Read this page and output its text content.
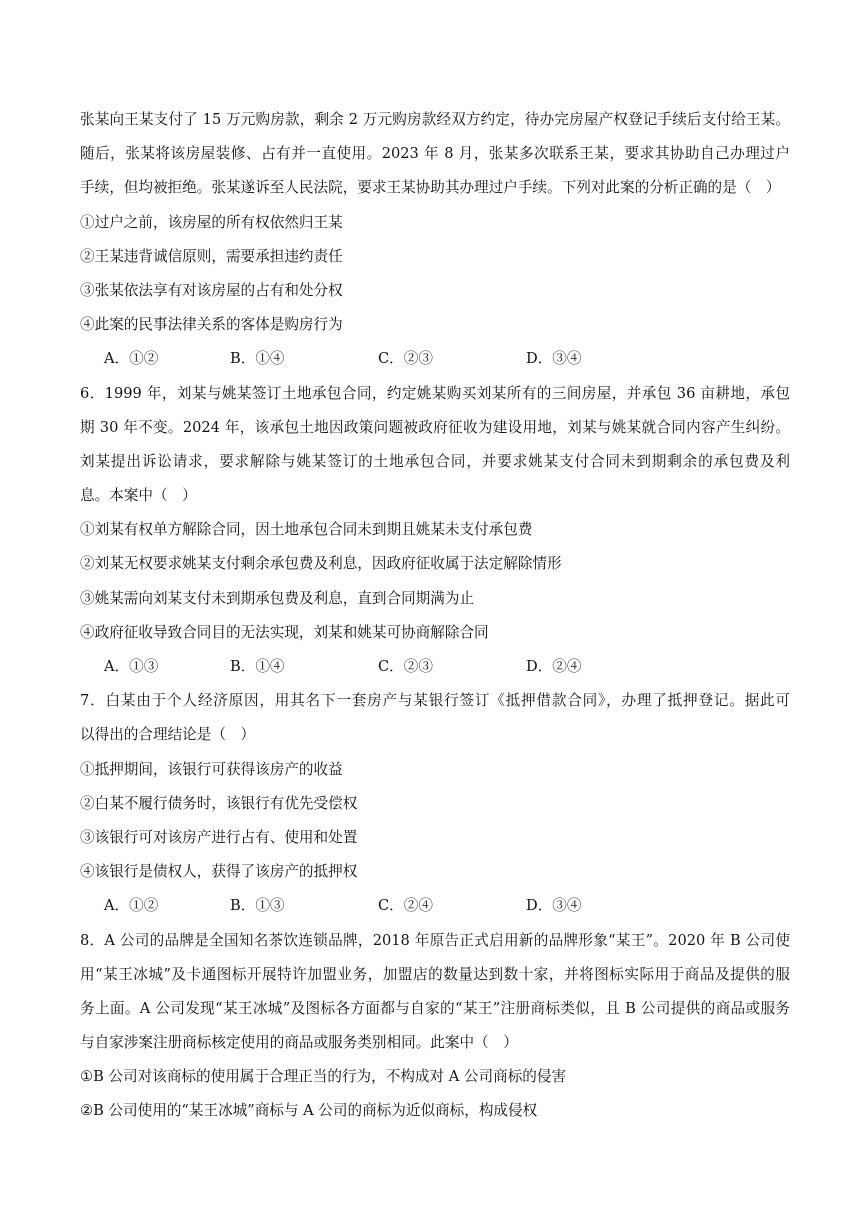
张某向王某支付了 15 万元购房款，剩余 2 万元购房款经双方约定，待办完房屋产权登记手续后支付给王某。
随后，张某将该房屋装修、占有并一直使用。2023 年 8 月，张某多次联系王某，要求其协助自己办理过户
手续，但均被拒绝。张某遂诉至人民法院，要求王某协助其办理过户手续。下列对此案的分析正确的是（　）
①过户之前，该房屋的所有权依然归王某
②王某违背诚信原则，需要承担违约责任
③张某依法享有对该房屋的占有和处分权
④此案的民事法律关系的客体是购房行为
A．①②	B．①④	C．②③	D．③④
6．1999 年，刘某与姚某签订土地承包合同，约定姚某购买刘某所有的三间房屋，并承包 36 亩耕地，承包
期 30 年不变。2024 年，该承包土地因政策问题被政府征收为建设用地，刘某与姚某就合同内容产生纠纷。
刘某提出诉讼请求，要求解除与姚某签订的土地承包合同，并要求姚某支付合同未到期剩余的承包费及利
息。本案中（　）
①刘某有权单方解除合同，因土地承包合同未到期且姚某未支付承包费
②刘某无权要求姚某支付剩余承包费及利息，因政府征收属于法定解除情形
③姚某需向刘某支付未到期承包费及利息，直到合同期满为止
④政府征收导致合同目的无法实现，刘某和姚某可协商解除合同
A．①③	B．①④	C．②③	D．②④
7．白某由于个人经济原因，用其名下一套房产与某银行签订《抵押借款合同》，办理了抵押登记。据此可
以得出的合理结论是（　）
①抵押期间，该银行可获得该房产的收益
②白某不履行债务时，该银行有优先受偿权
③该银行可对该房产进行占有、使用和处置
④该银行是债权人，获得了该房产的抵押权
A．①②	B．①③	C．②④	D．③④
8．A 公司的品牌是全国知名茶饮连锁品牌，2018 年原告正式启用新的品牌形象“某王”。2020 年 B 公司使
用“某王冰城”及卡通图标开展特许加盟业务，加盟店的数量达到数十家，并将图标实际用于商品及提供的服
务上面。A 公司发现“某王冰城”及图标各方面都与自家的“某王”注册商标类似，且 B 公司提供的商品或服务
与自家涉案注册商标核定使用的商品或服务类别相同。此案中（　）
①B 公司对该商标的使用属于合理正当的行为，不构成对 A 公司商标的侵害
②B 公司使用的“某王冰城”商标与 A 公司的商标为近似商标，构成侵权
